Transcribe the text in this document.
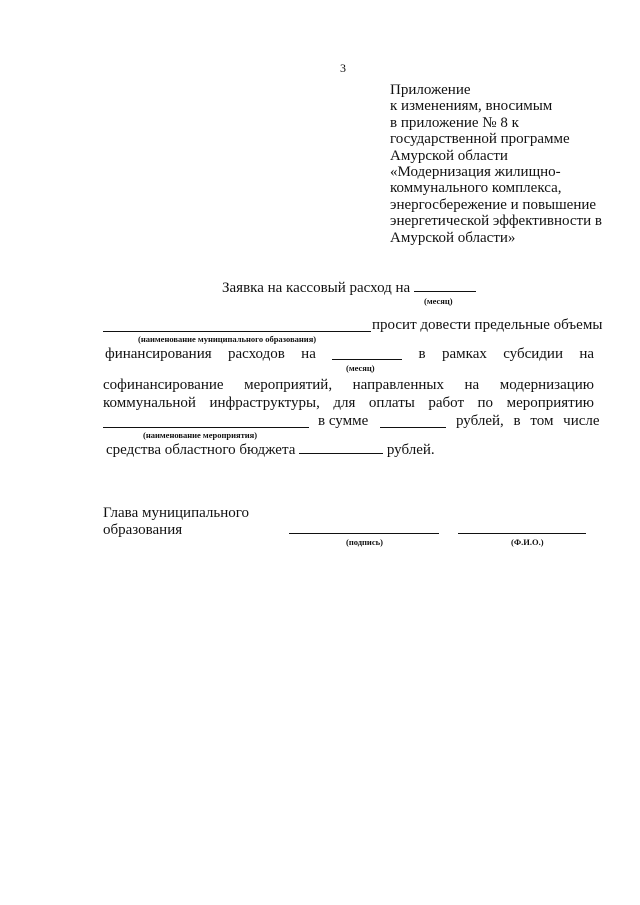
3
Приложение
к изменениям, вносимым
в приложение № 8 к
государственной программе
Амурской области
«Модернизация жилищно-
коммунального комплекса,
энергосбережение и повышение
энергетической эффективности в
Амурской области»
Заявка на кассовый расход на
(месяц)
просит довести предельные объемы
(наименование муниципального образования)
финансирования расходов на	в рамках субсидии на
(месяц)
софинансирование мероприятий, направленных на модернизацию
коммунальной инфраструктуры, для оплаты работ по мероприятию
в сумме	рублей, в том числе
(наименование мероприятия)
средства областного бюджета	рублей.
Глава муниципального
образования
(подпись)	(Ф.И.О.)
